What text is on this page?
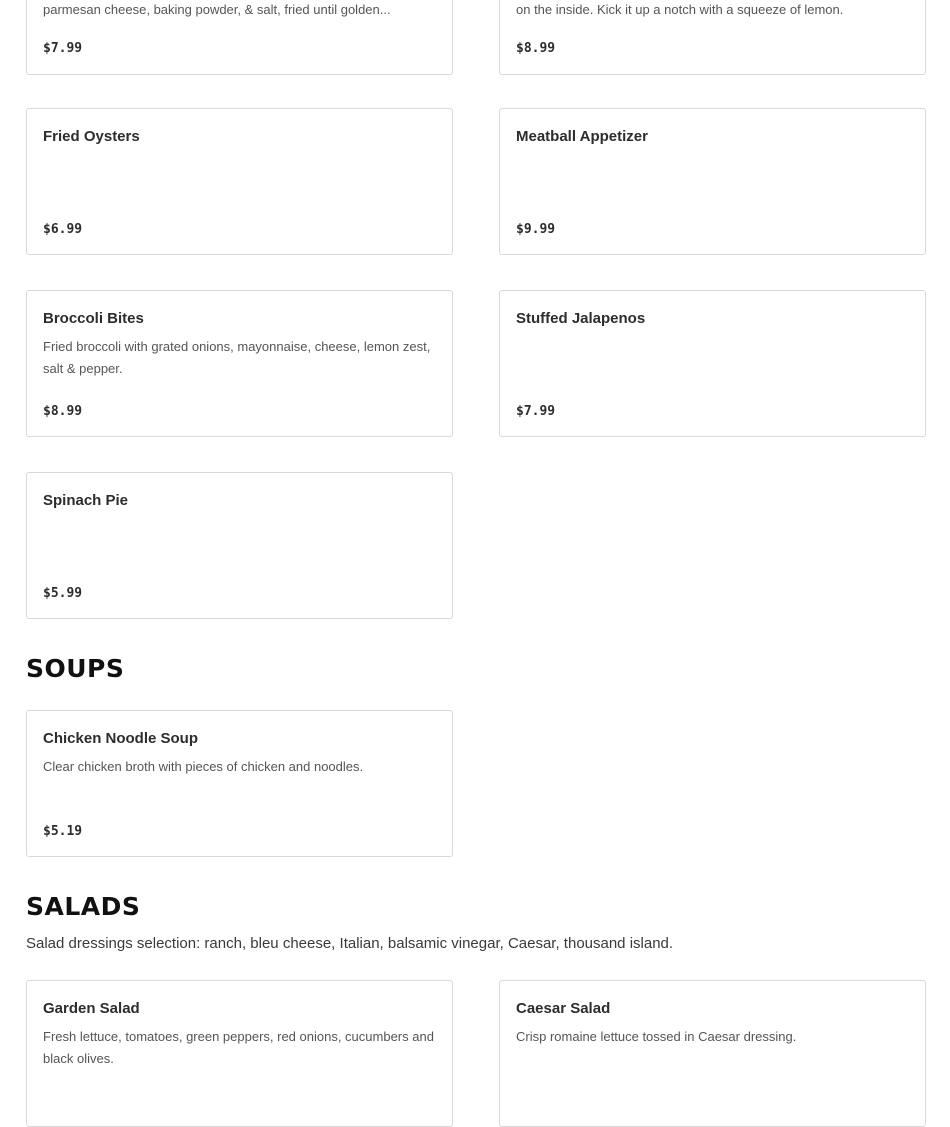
parmesan cheese, baking powder, & salt, fried until golden...
$7.99
on the inside. Kick it up a notch with a squeeze of lemon.
$8.99
Fried Oysters
$6.99
Meatball Appetizer
$9.99
Broccoli Bites
Fried broccoli with grated onions, mayonnaise, cheese, lemon zest, salt & pepper.
$8.99
Stuffed Jalapenos
$7.99
Spinach Pie
$5.99
SOUPS
Chicken Noodle Soup
Clear chicken broth with pieces of chicken and noodles.
$5.19
SALADS
Salad dressings selection: ranch, bleu cheese, Italian, balsamic vinegar, Caesar, thousand island.
Garden Salad
Fresh lettuce, tomatoes, green peppers, red onions, cucumbers and black olives.
Caesar Salad
Crisp romaine lettuce tossed in Caesar dressing.
